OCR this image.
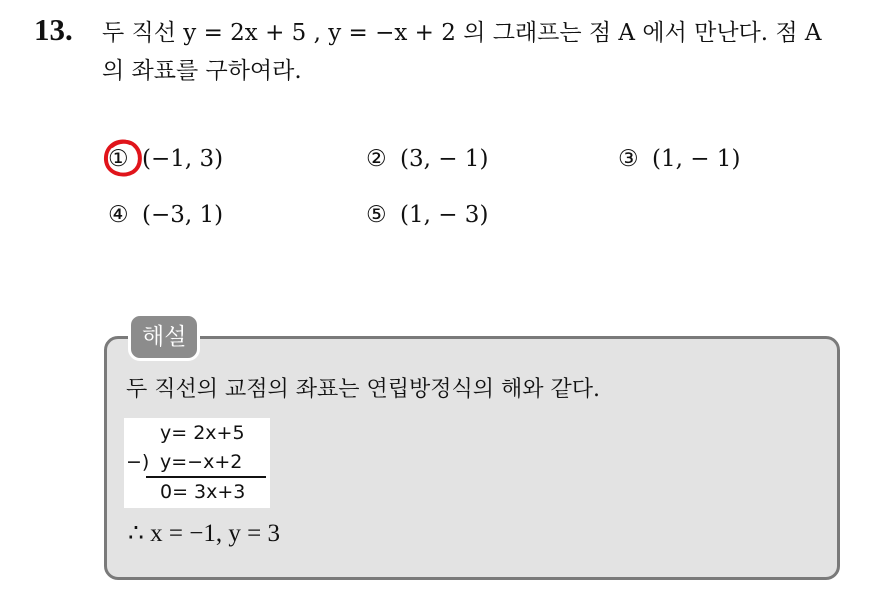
13. 두 직선 y = 2x + 5 , y = −x + 2 의 그래프는 점 A 에서 만난다. 점 A
의 좌표를 구하여라.
① (−1, 3)	② (3, − 1)	③ (1, − 1)
④ (−3, 1)	⑤ (1, − 3)
해설
두 직선의 교점의 좌표는 연립방정식의 해와 같다.
y= 2x+5
−) y=−x+2
0= 3x+3
∴ x = −1, y = 3
